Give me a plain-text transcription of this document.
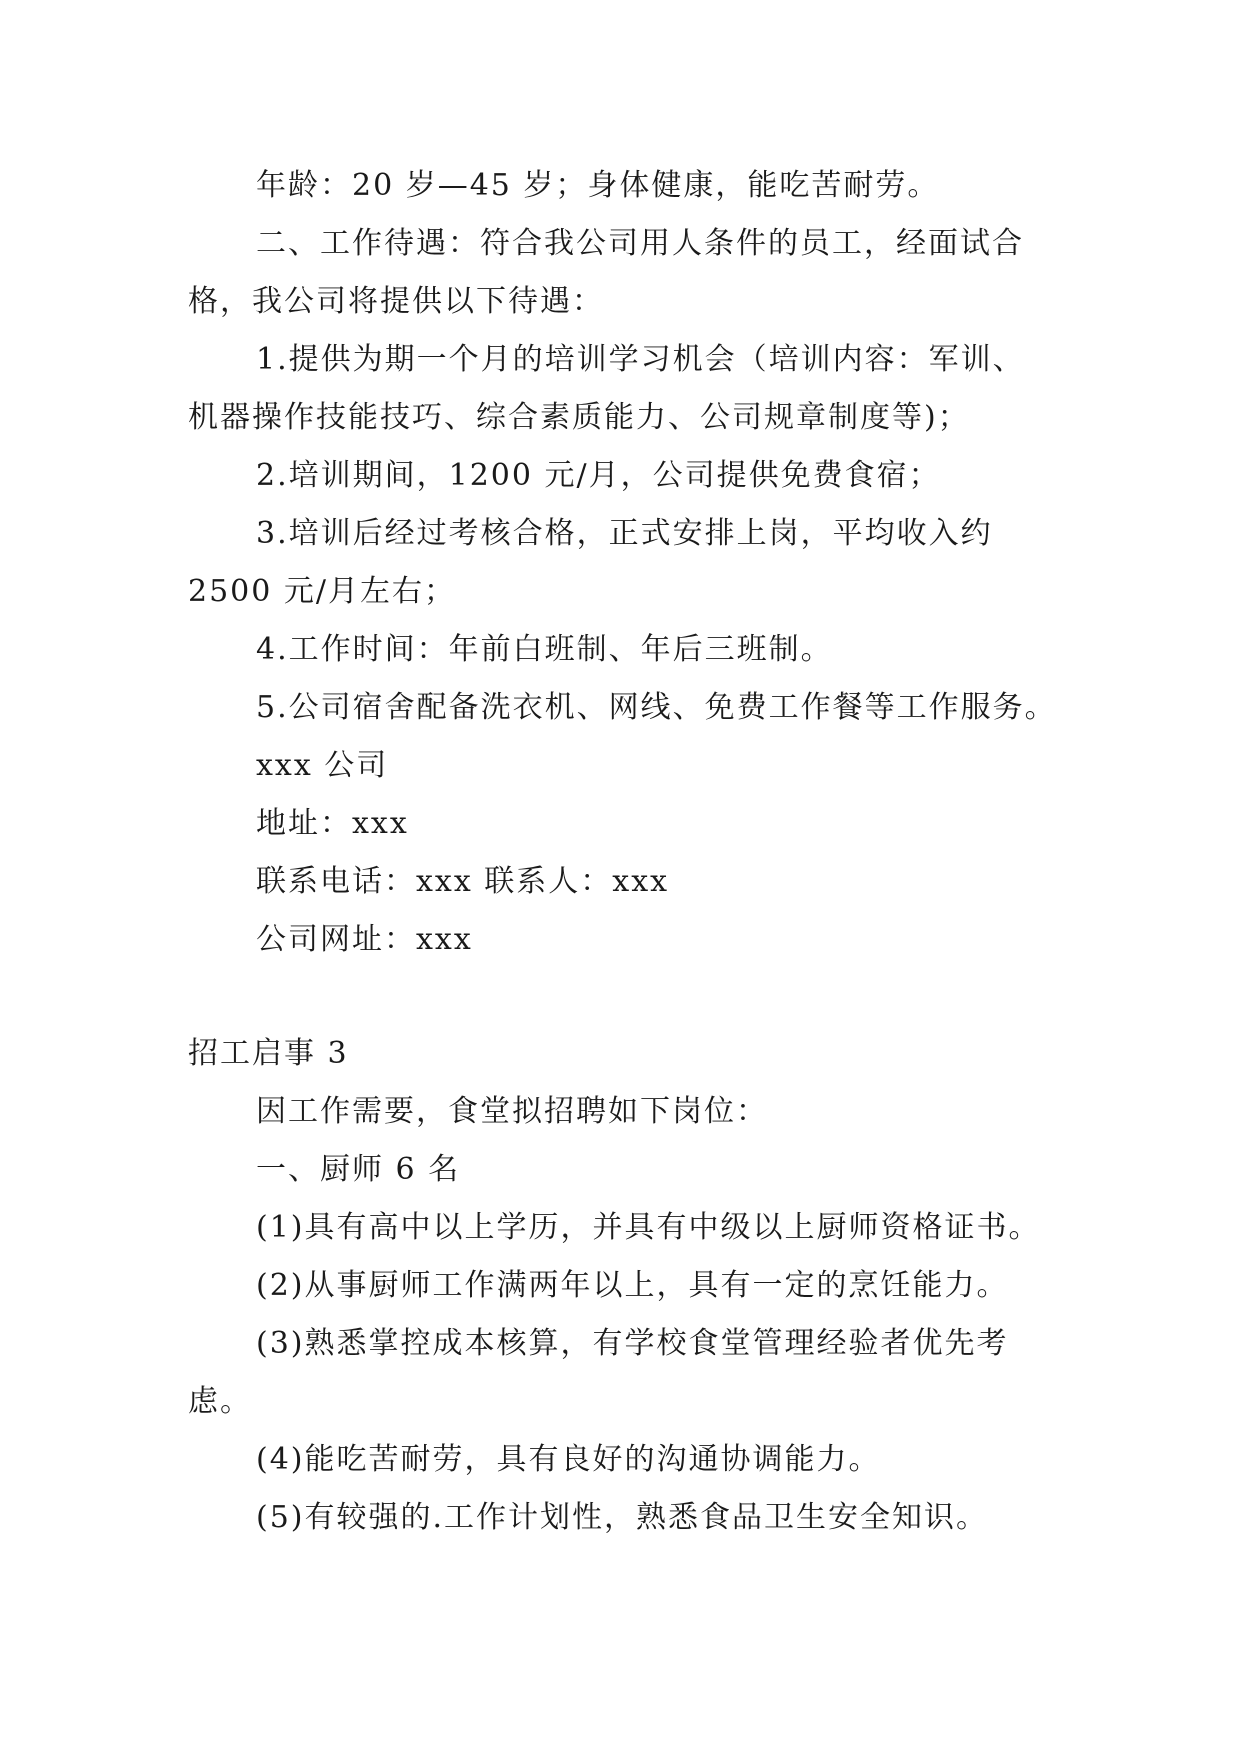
年龄：20 岁—45 岁；身体健康，能吃苦耐劳。
二、工作待遇：符合我公司用人条件的员工，经面试合
格，我公司将提供以下待遇：
1.提供为期一个月的培训学习机会（培训内容：军训、
机器操作技能技巧、综合素质能力、公司规章制度等)；
2.培训期间，1200 元/月，公司提供免费食宿；
3.培训后经过考核合格，正式安排上岗，平均收入约
2500 元/月左右；
4.工作时间：年前白班制、年后三班制。
5.公司宿舍配备洗衣机、网线、免费工作餐等工作服务。
xxx 公司
地址：xxx
联系电话：xxx 联系人：xxx
公司网址：xxx
招工启事 3
因工作需要，食堂拟招聘如下岗位：
一、厨师 6 名
(1)具有高中以上学历，并具有中级以上厨师资格证书。
(2)从事厨师工作满两年以上，具有一定的烹饪能力。
(3)熟悉掌控成本核算，有学校食堂管理经验者优先考
虑。
(4)能吃苦耐劳，具有良好的沟通协调能力。
(5)有较强的.工作计划性，熟悉食品卫生安全知识。
